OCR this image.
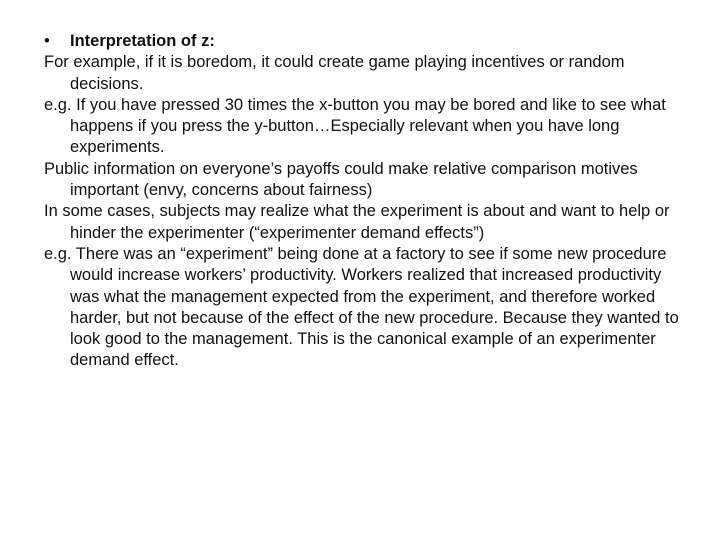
• Interpretation of z:

For example, if it is boredom, it could create game playing incentives or random decisions.

e.g. If you have pressed 30 times the x-button you may be bored and like to see what happens if you press the y-button…Especially relevant when you have long experiments.

Public information on everyone’s payoffs could make relative comparison motives important (envy, concerns about fairness)

In some cases, subjects may realize what the experiment is about and want to help or hinder the experimenter (“experimenter demand effects”)

e.g. There was an “experiment” being done at a factory to see if some new procedure would increase workers’ productivity. Workers realized that increased productivity was what the management expected from the experiment, and therefore worked harder, but not because of the effect of the new procedure. Because they wanted to look good to the management. This is the canonical example of an experimenter demand effect.
